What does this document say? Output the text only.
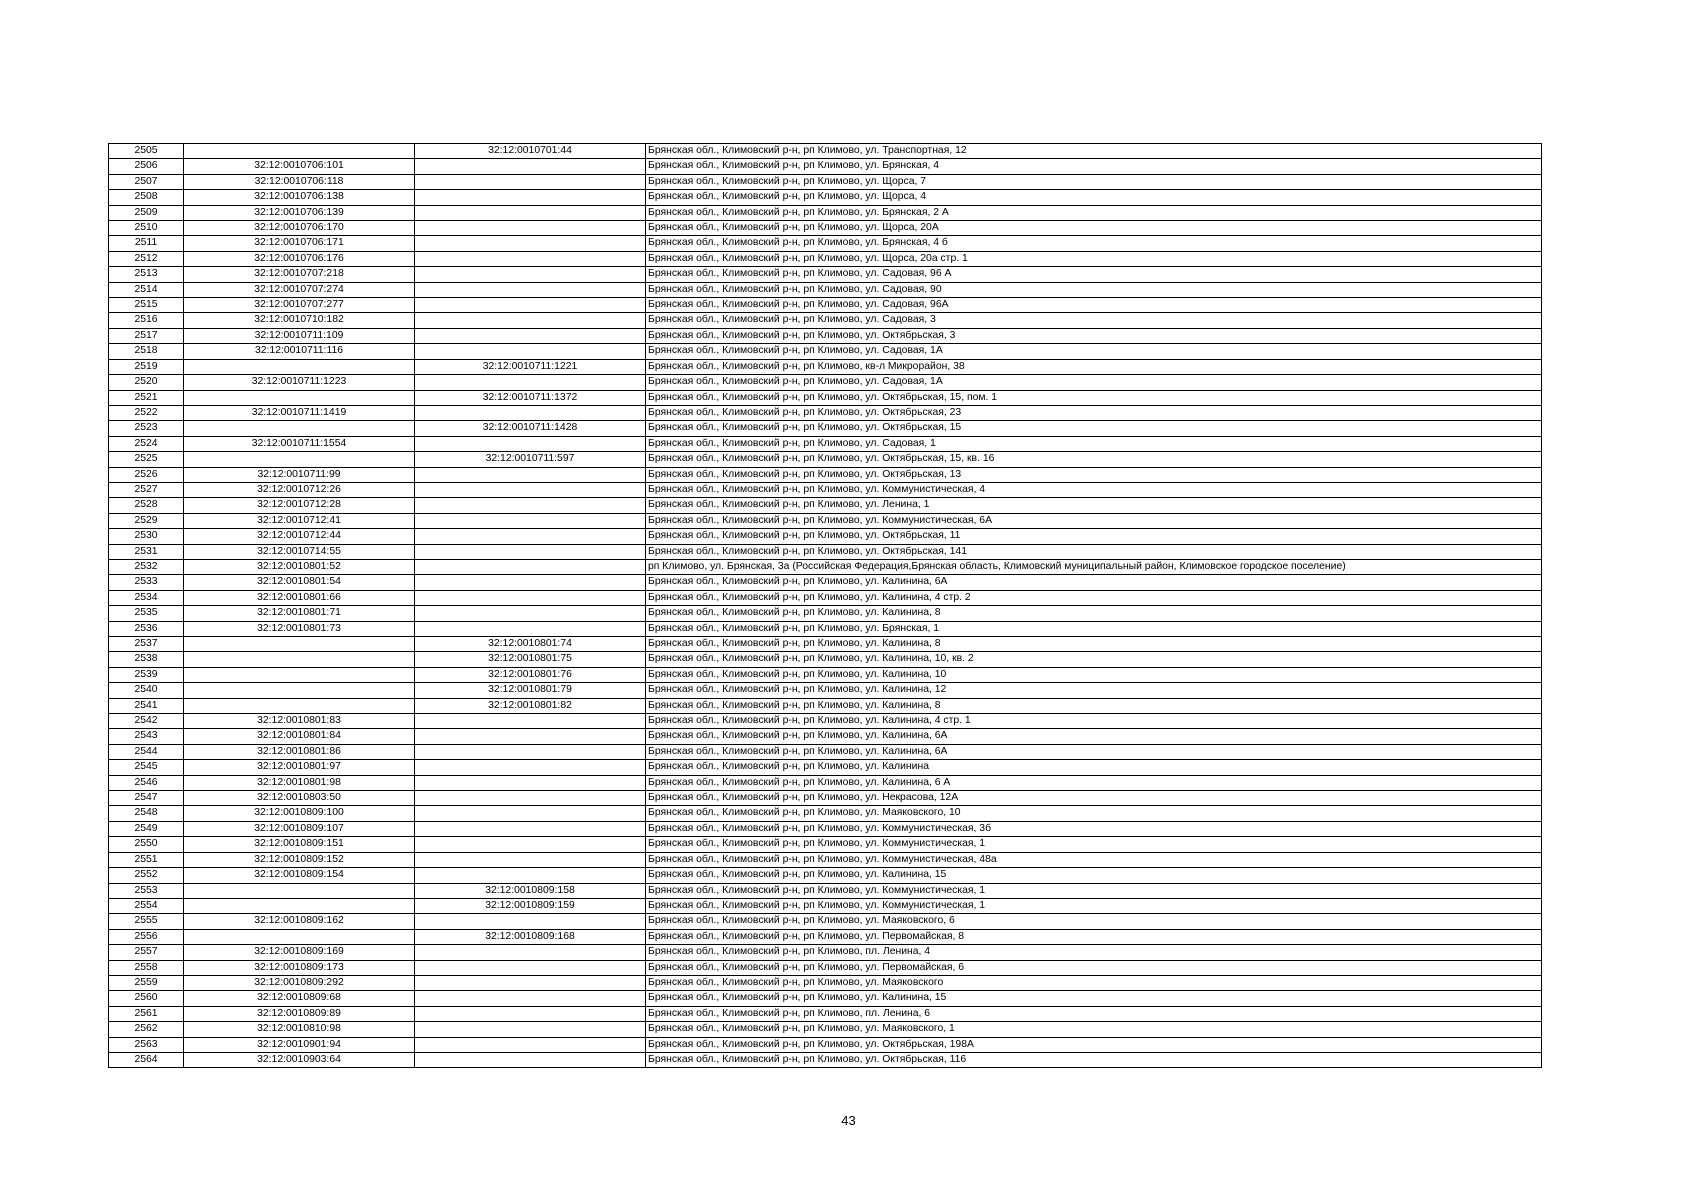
2505		32:12:0010701:44	Брянская обл., Климовский р-н, рп Климово, ул. Транспортная, 12
2506	32:12:0010706:101		Брянская обл., Климовский р-н, рп Климово, ул. Брянская, 4
2507	32:12:0010706:118		Брянская обл., Климовский р-н, рп Климово, ул. Щорса, 7
2508	32:12:0010706:138		Брянская обл., Климовский р-н, рп Климово, ул. Щорса, 4
2509	32:12:0010706:139		Брянская обл., Климовский р-н, рп Климово, ул. Брянская, 2 А
2510	32:12:0010706:170		Брянская обл., Климовский р-н, рп Климово, ул. Щорса, 20А
2511	32:12:0010706:171		Брянская обл., Климовский р-н, рп Климово, ул. Брянская, 4 б
2512	32:12:0010706:176		Брянская обл., Климовский р-н, рп Климово, ул. Щорса, 20а стр. 1
2513	32:12:0010707:218		Брянская обл., Климовский р-н, рп Климово, ул. Садовая, 96 А
2514	32:12:0010707:274		Брянская обл., Климовский р-н, рп Климово, ул. Садовая, 90
2515	32:12:0010707:277		Брянская обл., Климовский р-н, рп Климово, ул. Садовая, 96А
2516	32:12:0010710:182		Брянская обл., Климовский р-н, рп Климово, ул. Садовая, 3
2517	32:12:0010711:109		Брянская обл., Климовский р-н, рп Климово, ул. Октябрьская, 3
2518	32:12:0010711:116		Брянская обл., Климовский р-н, рп Климово, ул. Садовая, 1А
2519		32:12:0010711:1221	Брянская обл., Климовский р-н, рп Климово, кв-л Микрорайон, 38
2520	32:12:0010711:1223		Брянская обл., Климовский р-н, рп Климово, ул. Садовая, 1А
2521		32:12:0010711:1372	Брянская обл., Климовский р-н, рп Климово, ул. Октябрьская, 15, пом. 1
2522	32:12:0010711:1419		Брянская обл., Климовский р-н, рп Климово, ул. Октябрьская, 23
2523		32:12:0010711:1428	Брянская обл., Климовский р-н, рп Климово, ул. Октябрьская, 15
2524	32:12:0010711:1554		Брянская обл., Климовский р-н, рп Климово, ул. Садовая, 1
2525		32:12:0010711:597	Брянская обл., Климовский р-н, рп Климово, ул. Октябрьская, 15, кв. 16
2526	32:12:0010711:99		Брянская обл., Климовский р-н, рп Климово, ул. Октябрьская, 13
2527	32:12:0010712:26		Брянская обл., Климовский р-н, рп Климово, ул. Коммунистическая, 4
2528	32:12:0010712:28		Брянская обл., Климовский р-н, рп Климово, ул. Ленина, 1
2529	32:12:0010712:41		Брянская обл., Климовский р-н, рп Климово, ул. Коммунистическая, 6А
2530	32:12:0010712:44		Брянская обл., Климовский р-н, рп Климово, ул. Октябрьская, 11
2531	32:12:0010714:55		Брянская обл., Климовский р-н, рп Климово, ул. Октябрьская, 141
2532	32:12:0010801:52		рп Климово, ул. Брянская, 3а (Российская Федерация,Брянская область, Климовский муниципальный район, Климовское городское поселение)
2533	32:12:0010801:54		Брянская обл., Климовский р-н, рп Климово, ул. Калинина, 6А
2534	32:12:0010801:66		Брянская обл., Климовский р-н, рп Климово, ул. Калинина, 4 стр. 2
2535	32:12:0010801:71		Брянская обл., Климовский р-н, рп Климово, ул. Калинина, 8
2536	32:12:0010801:73		Брянская обл., Климовский р-н, рп Климово, ул. Брянская, 1
2537		32:12:0010801:74	Брянская обл., Климовский р-н, рп Климово, ул. Калинина, 8
2538		32:12:0010801:75	Брянская обл., Климовский р-н, рп Климово, ул. Калинина, 10, кв. 2
2539		32:12:0010801:76	Брянская обл., Климовский р-н, рп Климово, ул. Калинина, 10
2540		32:12:0010801:79	Брянская обл., Климовский р-н, рп Климово, ул. Калинина, 12
2541		32:12:0010801:82	Брянская обл., Климовский р-н, рп Климово, ул. Калинина, 8
2542	32:12:0010801:83		Брянская обл., Климовский р-н, рп Климово, ул. Калинина, 4 стр. 1
2543	32:12:0010801:84		Брянская обл., Климовский р-н, рп Климово, ул. Калинина, 6А
2544	32:12:0010801:86		Брянская обл., Климовский р-н, рп Климово, ул. Калинина, 6А
2545	32:12:0010801:97		Брянская обл., Климовский р-н, рп Климово, ул. Калинина
2546	32:12:0010801:98		Брянская обл., Климовский р-н, рп Климово, ул. Калинина, 6 А
2547	32:12:0010803:50		Брянская обл., Климовский р-н, рп Климово, ул. Некрасова, 12А
2548	32:12:0010809:100		Брянская обл., Климовский р-н, рп Климово, ул. Маяковского, 10
2549	32:12:0010809:107		Брянская обл., Климовский р-н, рп Климово, ул. Коммунистическая, 3б
2550	32:12:0010809:151		Брянская обл., Климовский р-н, рп Климово, ул. Коммунистическая, 1
2551	32:12:0010809:152		Брянская обл., Климовский р-н, рп Климово, ул. Коммунистическая, 48а
2552	32:12:0010809:154		Брянская обл., Климовский р-н, рп Климово, ул. Калинина, 15
2553		32:12:0010809:158	Брянская обл., Климовский р-н, рп Климово, ул. Коммунистическая, 1
2554		32:12:0010809:159	Брянская обл., Климовский р-н, рп Климово, ул. Коммунистическая, 1
2555	32:12:0010809:162		Брянская обл., Климовский р-н, рп Климово, ул. Маяковского, 6
2556		32:12:0010809:168	Брянская обл., Климовский р-н, рп Климово, ул. Первомайская, 8
2557	32:12:0010809:169		Брянская обл., Климовский р-н, рп Климово, пл. Ленина, 4
2558	32:12:0010809:173		Брянская обл., Климовский р-н, рп Климово, ул. Первомайская, 6
2559	32:12:0010809:292		Брянская обл., Климовский р-н, рп Климово, ул. Маяковского
2560	32:12:0010809:68		Брянская обл., Климовский р-н, рп Климово, ул. Калинина, 15
2561	32:12:0010809:89		Брянская обл., Климовский р-н, рп Климово, пл. Ленина, 6
2562	32:12:0010810:98		Брянская обл., Климовский р-н, рп Климово, ул. Маяковского, 1
2563	32:12:0010901:94		Брянская обл., Климовский р-н, рп Климово, ул. Октябрьская, 198А
2564	32:12:0010903:64		Брянская обл., Климовский р-н, рп Климово, ул. Октябрьская, 116
43
